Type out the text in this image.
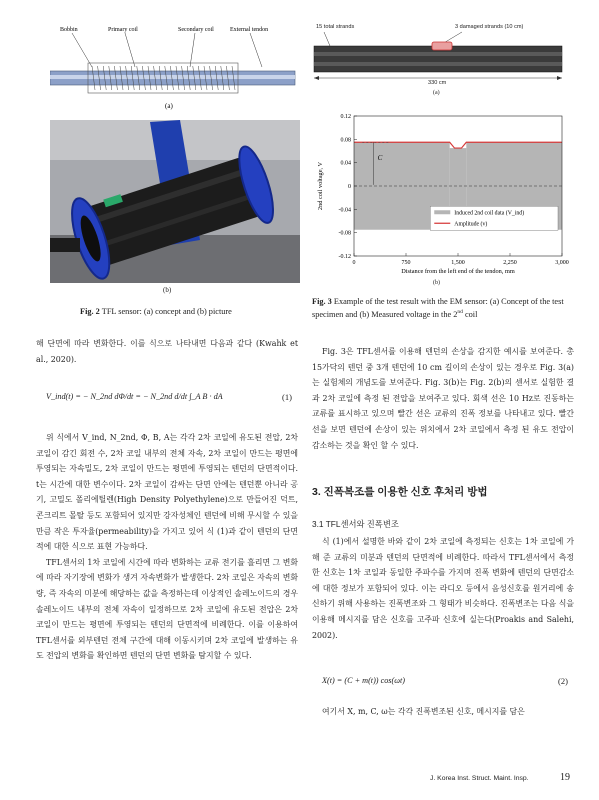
Bobbin	Primary coil	Secondary coil	External tendon
(a)
(b)
Fig. 2 TFL sensor: (a) concept and (b) picture
15 total strands	3 damaged strands (10 cm)
330 cm
(a)
C
0.12
0.08
0.04
0
-0.04
-0.08
-0.12
0	750	1,500	2,250	3,000
Distance from the left end of the tendon, mm
2nd coil voltage, V
Induced 2nd coil data (V_ind)
Amplitude (v)
(b)
Fig. 3 Example of the test result with the EM sensor: (a) Concept of the test specimen and (b) Measured voltage in the 2nd coil

해 단면에 따라 변화한다. 이를 식으로 나타내면 다음과 같다 (Kwahk et al., 2020).

V_ind(t) = − N_2nd dΦ/dt = − N_2nd d/dt ∫_A B · dA	(1)

위 식에서 V_ind, N_2nd, Φ, B, A는 각각 2차 코일에 유도된 전압, 2차 코일이 감긴 회전 수, 2차 코일 내부의 전체 자속, 2차 코일이 만드는 평면에 투영되는 자속밀도, 2차 코일이 만드는 평면에 투영되는 텐던의 단면적이다. t는 시간에 대한 변수이다. 2차 코일이 감싸는 단면 안에는 텐던뿐 아니라 공기, 고밀도 폴리에틸렌(High Density Polyethylene)으로 만들어진 덕트, 콘크리트 몰탈 등도 포함되어 있지만 강자성체인 텐던에 비해 무시할 수 있을 만큼 작은 투자율(permeability)을 가지고 있어 식 (1)과 같이 텐던의 단면적에 대한 식으로 표현 가능하다.

TFL센서의 1차 코일에 시간에 따라 변화하는 교류 전기를 흘리면 그 변화에 따라 자기장에 변화가 생겨 자속변화가 발생한다. 2차 코일은 자속의 변화량, 즉 자속의 미분에 해당하는 값을 측정하는데 이상적인 솔레노이드의 경우 솔레노이드 내부의 전체 자속이 일정하므로 2차 코일에 유도된 전압은 2차 코일이 만드는 평면에 투영되는 텐던의 단면적에 비례한다. 이를 이용하여 TFL센서를 외부텐던 전체 구간에 대해 이동시키며 2차 코일에 발생하는 유도 전압의 변화를 확인하면 텐던의 단면 변화를 탐지할 수 있다.

Fig. 3은 TFL센서를 이용해 텐던의 손상을 감지한 예시를 보여준다. 총 15가닥의 텐던 중 3개 텐던에 10 cm 길이의 손상이 있는 경우로 Fig. 3(a)는 실험체의 개념도를 보여준다. Fig. 3(b)는 Fig. 2(b)의 센서로 실험한 결과 2차 코일에 측정 된 전압을 보여주고 있다. 회색 선은 10 Hz로 진동하는 교류를 표시하고 있으며 빨간 선은 교류의 진폭 정보를 나타내고 있다. 빨간 선을 보면 텐던에 손상이 있는 위치에서 2차 코일에서 측정 된 유도 전압이 감소하는 것을 확인 할 수 있다.

3. 진폭복조를 이용한 신호 후처리 방법
3.1 TFL센서와 진폭변조

식 (1)에서 설명한 바와 같이 2차 코일에 측정되는 신호는 1차 코일에 가해 준 교류의 미분과 텐던의 단면적에 비례한다. 따라서 TFL센서에서 측정한 신호는 1차 코일과 동일한 주파수를 가지며 진폭 변화에 텐던의 단면감소에 대한 정보가 포함되어 있다. 이는 라디오 등에서 음성신호를 원거리에 송신하기 위해 사용하는 진폭변조와 그 형태가 비슷하다. 진폭변조는 다음 식을 이용해 메시지를 담은 신호를 고주파 신호에 실는다(Proakis and Salehi, 2002).

X(t) = (C + m(t)) cos(ωt)	(2)

여기서 X, m, C, ω는 각각 진폭변조된 신호, 메시지를 담은

J. Korea Inst. Struct. Maint. Insp.	19
